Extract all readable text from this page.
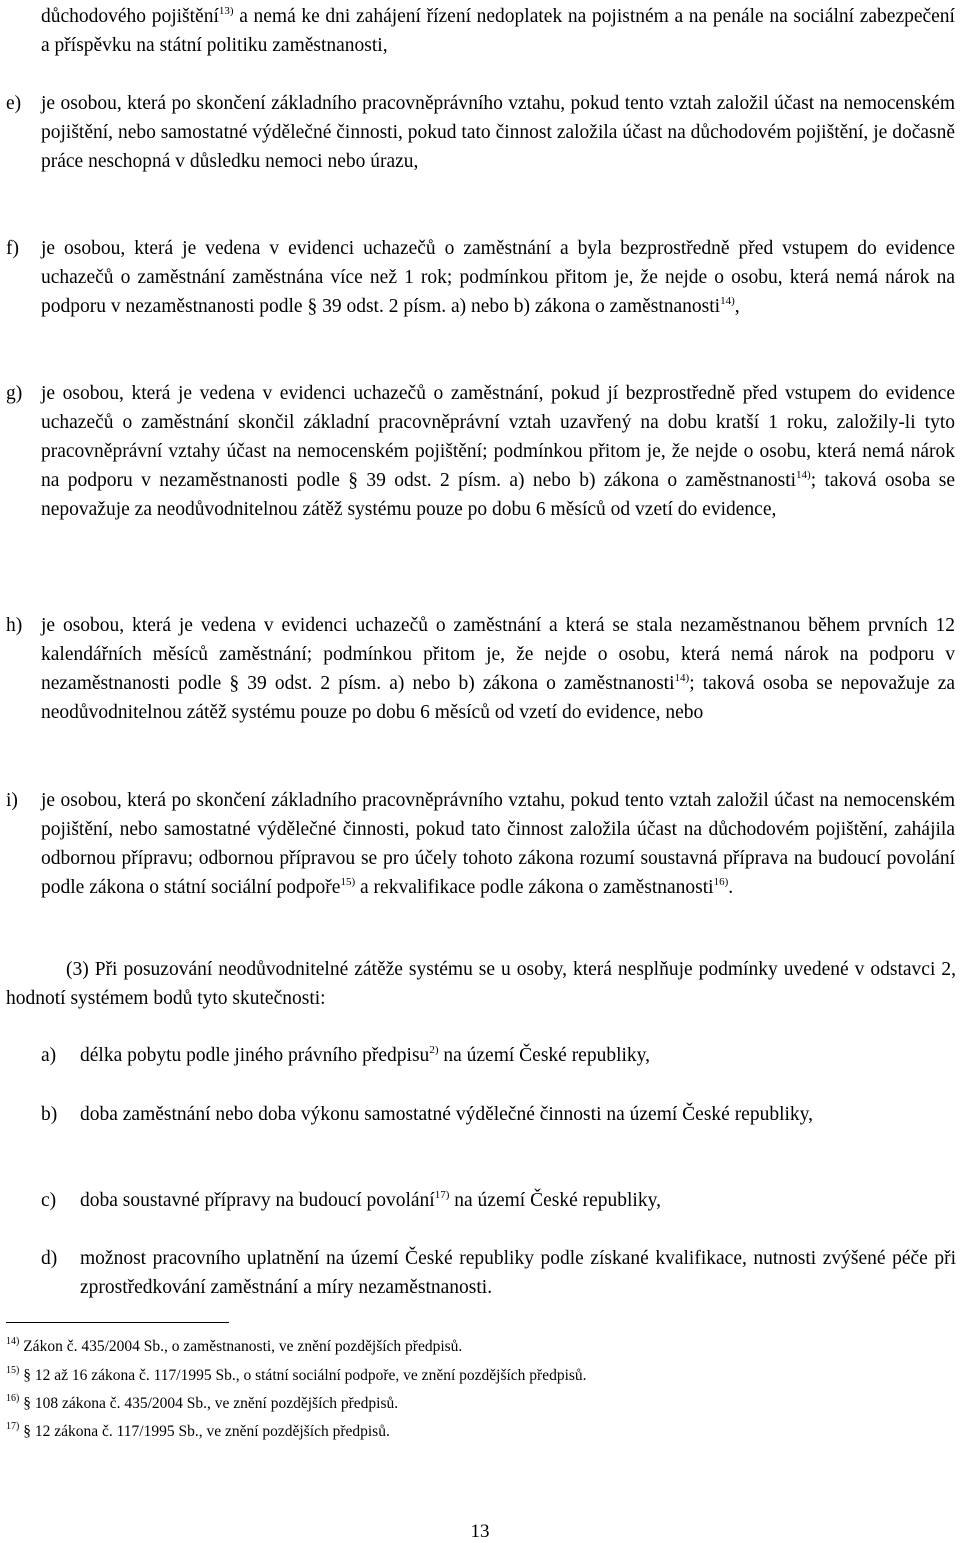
důchodového pojištění$^{13)}$ a nemá ke dni zahájení řízení nedoplatek na pojistném a na penále na sociální zabezpečení a příspěvku na státní politiku zaměstnanosti,
e) je osobou, která po skončení základního pracovněprávního vztahu, pokud tento vztah založil účast na nemocenském pojištění, nebo samostatné výdělečné činnosti, pokud tato činnost založila účast na důchodovém pojištění, je dočasně práce neschopná v důsledku nemoci nebo úrazu,
f) je osobou, která je vedena v evidenci uchazečů o zaměstnání a byla bezprostředně před vstupem do evidence uchazečů o zaměstnání zaměstnána více než 1 rok; podmínkou přitom je, že nejde o osobu, která nemá nárok na podporu v nezaměstnanosti podle § 39 odst. 2 písm. a) nebo b) zákona o zaměstnanosti$^{14)}$,
g) je osobou, která je vedena v evidenci uchazečů o zaměstnání, pokud jí bezprostředně před vstupem do evidence uchazečů o zaměstnání skončil základní pracovněprávní vztah uzavřený na dobu kratší 1 roku, založily-li tyto pracovněprávní vztahy účast na nemocenském pojištění; podmínkou přitom je, že nejde o osobu, která nemá nárok na podporu v nezaměstnanosti podle § 39 odst. 2 písm. a) nebo b) zákona o zaměstnanosti$^{14)}$; taková osoba se nepovažuje za neodůvodnitelnou zátěž systému pouze po dobu 6 měsíců od vzetí do evidence,
h) je osobou, která je vedena v evidenci uchazečů o zaměstnání a která se stala nezaměstnanou během prvních 12 kalendářních měsíců zaměstnání; podmínkou přitom je, že nejde o osobu, která nemá nárok na podporu v nezaměstnanosti podle § 39 odst. 2 písm. a) nebo b) zákona o zaměstnanosti$^{14)}$; taková osoba se nepovažuje za neodůvodnitelnou zátěž systému pouze po dobu 6 měsíců od vzetí do evidence, nebo
i) je osobou, která po skončení základního pracovněprávního vztahu, pokud tento vztah založil účast na nemocenském pojištění, nebo samostatné výdělečné činnosti, pokud tato činnost založila účast na důchodovém pojištění, zahájila odbornou přípravu; odbornou přípravou se pro účely tohoto zákona rozumí soustavná příprava na budoucí povolání podle zákona o státní sociální podpoře$^{15)}$ a rekvalifikace podle zákona o zaměstnanosti$^{16)}$.
(3) Při posuzování neodůvodnitelné zátěže systému se u osoby, která nesplňuje podmínky uvedené v odstavci 2, hodnotí systémem bodů tyto skutečnosti:
a) délka pobytu podle jiného právního předpisu$^{2)}$ na území České republiky,
b) doba zaměstnání nebo doba výkonu samostatné výdělečné činnosti na území České republiky,
c) doba soustavné přípravy na budoucí povolání$^{17)}$ na území České republiky,
d) možnost pracovního uplatnění na území České republiky podle získané kvalifikace, nutnosti zvýšené péče při zprostředkování zaměstnání a míry nezaměstnanosti.
$^{14)}$ Zákon č. 435/2004 Sb., o zaměstnanosti, ve znění pozdějších předpisů.
$^{15)}$ § 12 až 16 zákona č. 117/1995 Sb., o státní sociální podpoře, ve znění pozdějších předpisů.
$^{16)}$ § 108 zákona č. 435/2004 Sb., ve znění pozdějších předpisů.
$^{17)}$ § 12 zákona č. 117/1995 Sb., ve znění pozdějších předpisů.
13
